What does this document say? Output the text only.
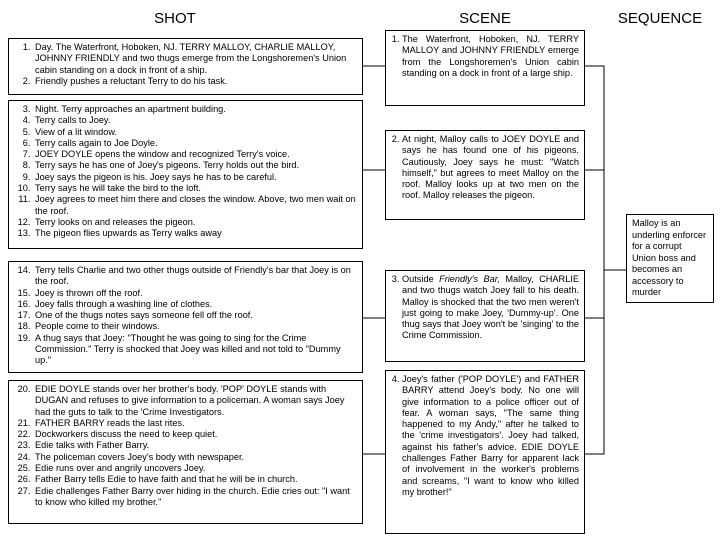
SHOT	SCENE	SEQUENCE
1. Day. The Waterfront, Hoboken, NJ. TERRY MALLOY, CHARLIE MALLOY, JOHNNY FRIENDLY and two thugs emerge from the Longshoremen's Union cabin standing on a dock in front of a ship.
2. Friendly pushes a reluctant Terry to do his task.
3. Night. Terry approaches an apartment building.
4. Terry calls to Joey.
5. View of a lit window.
6. Terry calls again to Joe Doyle.
7. JOEY DOYLE opens the window and recognized Terry's voice.
8. Terry says he has one of Joey's pigeons. Terry holds out the bird.
9. Joey says the pigeon is his. Joey says he has to be careful.
10. Terry says he will take the bird to the loft.
11. Joey agrees to meet him there and closes the window. Above, two men wait on the roof.
12. Terry looks on and releases the pigeon.
13. The pigeon flies upwards as Terry walks away
14. Terry tells Charlie and two other thugs outside of Friendly's bar that Joey is on the roof.
15. Joey is thrown off the roof.
16. Joey falls through a washing line of clothes.
17. One of the thugs notes says someone fell off the roof.
18. People come to their windows.
19. A thug says that Joey: "Thought he was going to sing for the Crime Commission." Terry is shocked that Joey was killed and not told to "Dummy up."
20. EDIE DOYLE stands over her brother's body. 'POP' DOYLE stands with DUGAN and refuses to give information to a policeman. A woman says Joey had the guts to talk to the 'Crime Investigators.
21. FATHER BARRY reads the last rites.
22. Dockworkers discuss the need to keep quiet.
23. Edie talks with Father Barry.
24. The policeman covers Joey's body with newspaper.
25. Edie runs over and angrily uncovers Joey.
26. Father Barry tells Edie to have faith and that he will be in church.
27. Edie challenges Father Barry over hiding in the church. Edie cries out: "I want to know who killed my brother."
1. The Waterfront, Hoboken, NJ. TERRY MALLOY and JOHNNY FRIENDLY emerge from the Longshoremen's Union cabin standing on a dock in front of a large ship.
2. At night, Malloy calls to JOEY DOYLE and says he has found one of his pigeons. Cautiously, Joey says he must: "Watch himself," but agrees to meet Malloy on the roof. Malloy looks up at two men on the roof. Malloy releases the pigeon.
3. Outside Friendly's Bar, Malloy, CHARLIE and two thugs watch Joey fall to his death. Malloy is shocked that the two men weren't just going to make Joey, 'Dummy-up'. One thug says that Joey won't be 'singing' to the Crime Commission.
4. Joey's father ('POP DOYLE') and FATHER BARRY attend Joey's body. No one will give information to a police officer out of fear. A woman says, "The same thing happened to my Andy," after he talked to the 'crime investigators'. Joey had talked, against his father's advice. EDIE DOYLE challenges Father Barry for apparent lack of involvement in the worker's problems and screams, "I want to know who killed my brother!"
Malloy is an underling enforcer for a corrupt Union boss and becomes an accessory to murder
